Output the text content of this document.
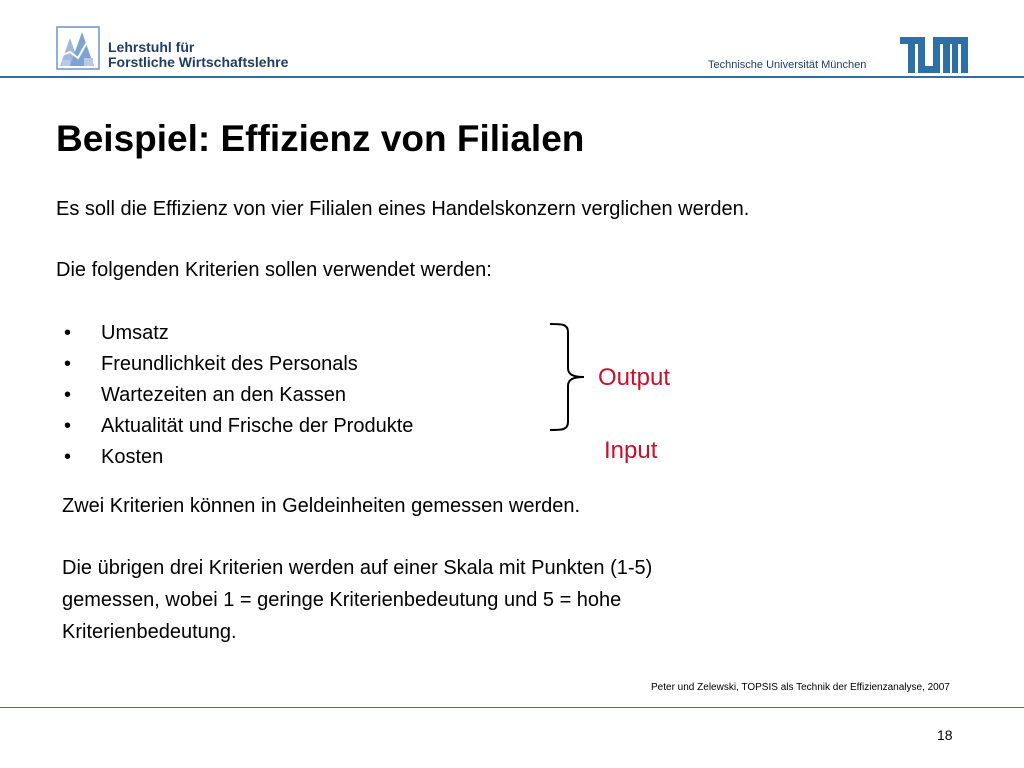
Lehrstuhl für
Forstliche Wirtschaftslehre	Technische Universität München
Beispiel: Effizienz von Filialen
Es soll die Effizienz von vier Filialen eines Handelskonzern verglichen werden.
Die folgenden Kriterien sollen verwendet werden:
• Umsatz
• Freundlichkeit des Personals
• Wartezeiten an den Kassen
• Aktualität und Frische der Produkte
• Kosten
Output
Input
Zwei Kriterien können in Geldeinheiten gemessen werden.
Die übrigen drei Kriterien werden auf einer Skala mit Punkten (1-5)
gemessen, wobei 1 = geringe Kriterienbedeutung und 5 = hohe
Kriterienbedeutung.
Peter und Zelewski, TOPSIS als Technik der Effizienzanalyse, 2007
18
